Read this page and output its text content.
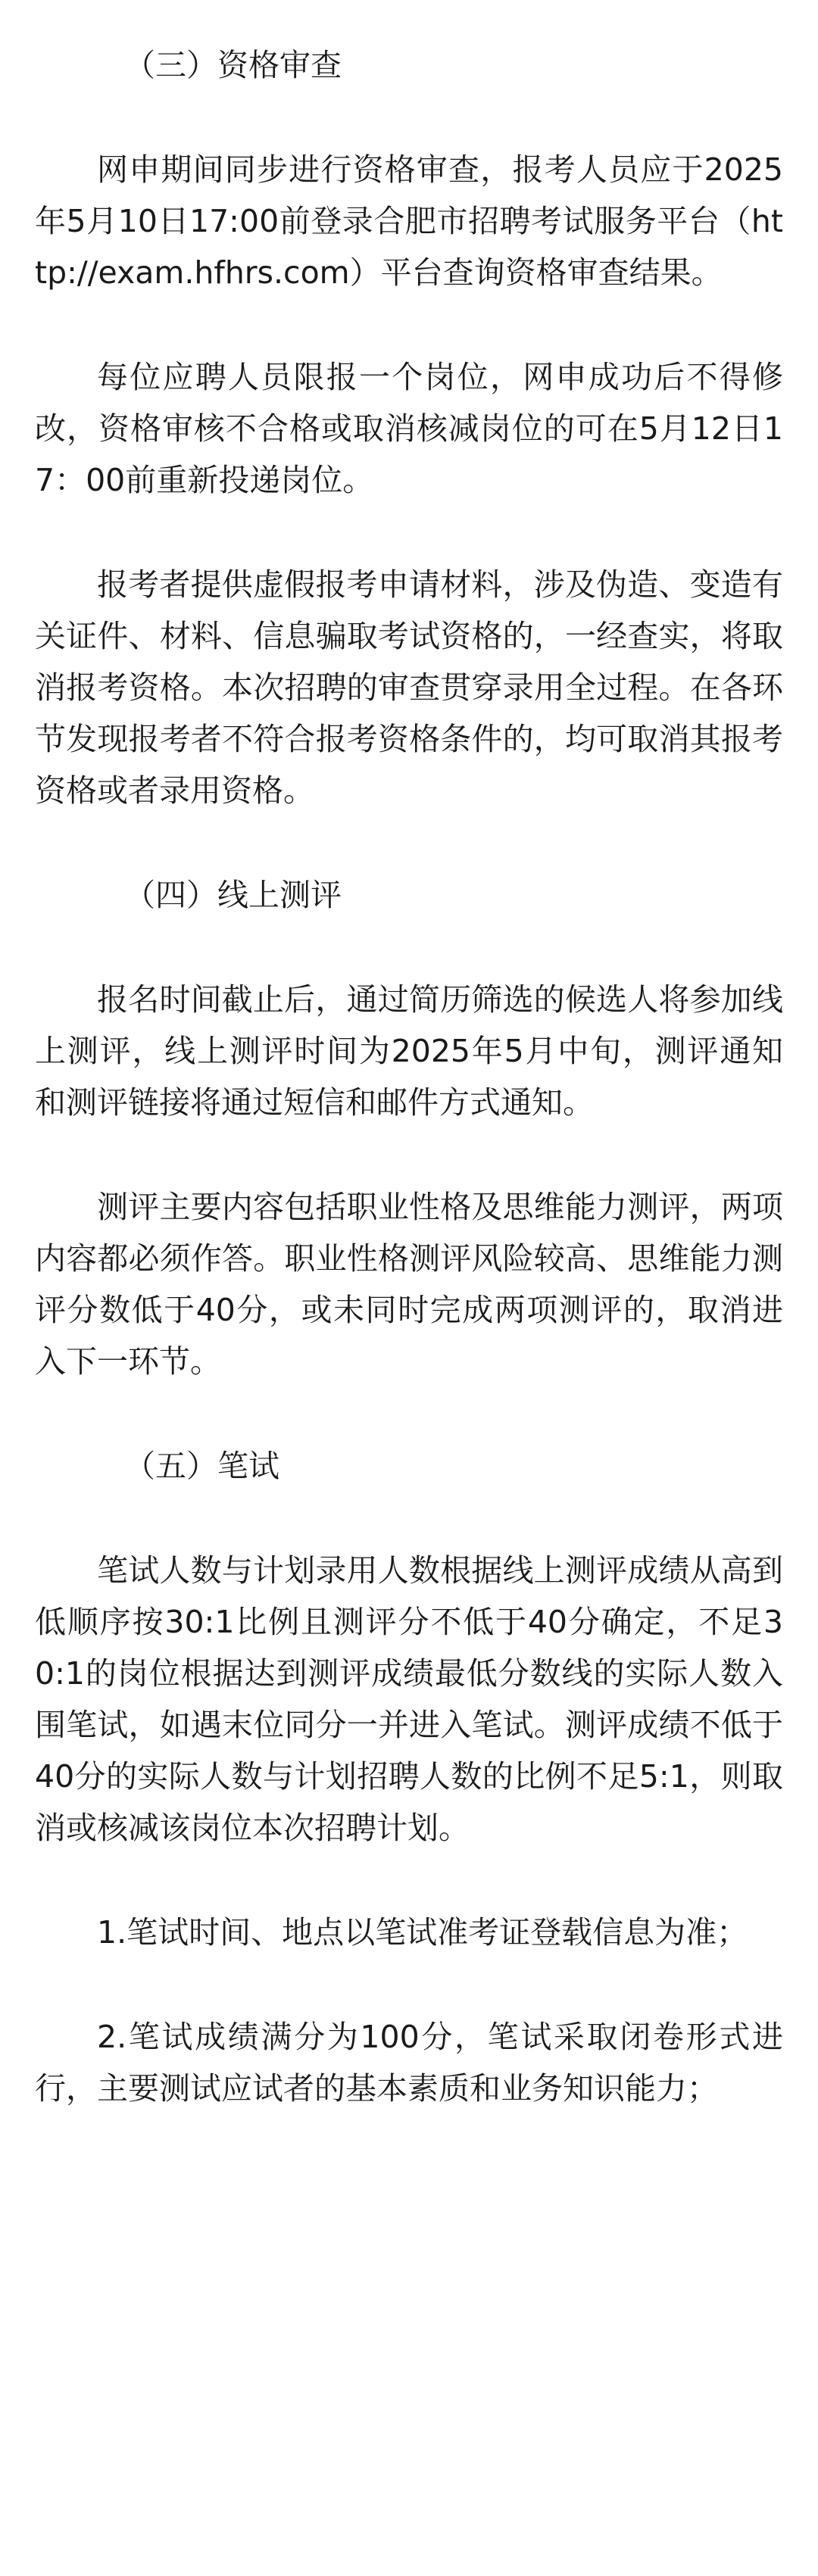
（三）资格审查

网申期间同步进行资格审查，报考人员应于2025年5月10日17:00前登录合肥市招聘考试服务平台（http://exam.hfhrs.com）平台查询资格审查结果。

每位应聘人员限报一个岗位，网申成功后不得修改，资格审核不合格或取消核减岗位的可在5月12日17：00前重新投递岗位。

报考者提供虚假报考申请材料，涉及伪造、变造有关证件、材料、信息骗取考试资格的，一经查实，将取消报考资格。本次招聘的审查贯穿录用全过程。在各环节发现报考者不符合报考资格条件的，均可取消其报考资格或者录用资格。

（四）线上测评

报名时间截止后，通过简历筛选的候选人将参加线上测评，线上测评时间为2025年5月中旬，测评通知和测评链接将通过短信和邮件方式通知。

测评主要内容包括职业性格及思维能力测评，两项内容都必须作答。职业性格测评风险较高、思维能力测评分数低于40分，或未同时完成两项测评的，取消进入下一环节。

（五）笔试

笔试人数与计划录用人数根据线上测评成绩从高到低顺序按30:1比例且测评分不低于40分确定，不足30:1的岗位根据达到测评成绩最低分数线的实际人数入围笔试，如遇末位同分一并进入笔试。测评成绩不低于40分的实际人数与计划招聘人数的比例不足5:1，则取消或核减该岗位本次招聘计划。

1.笔试时间、地点以笔试准考证登载信息为准；

2.笔试成绩满分为100分，笔试采取闭卷形式进行，主要测试应试者的基本素质和业务知识能力；
